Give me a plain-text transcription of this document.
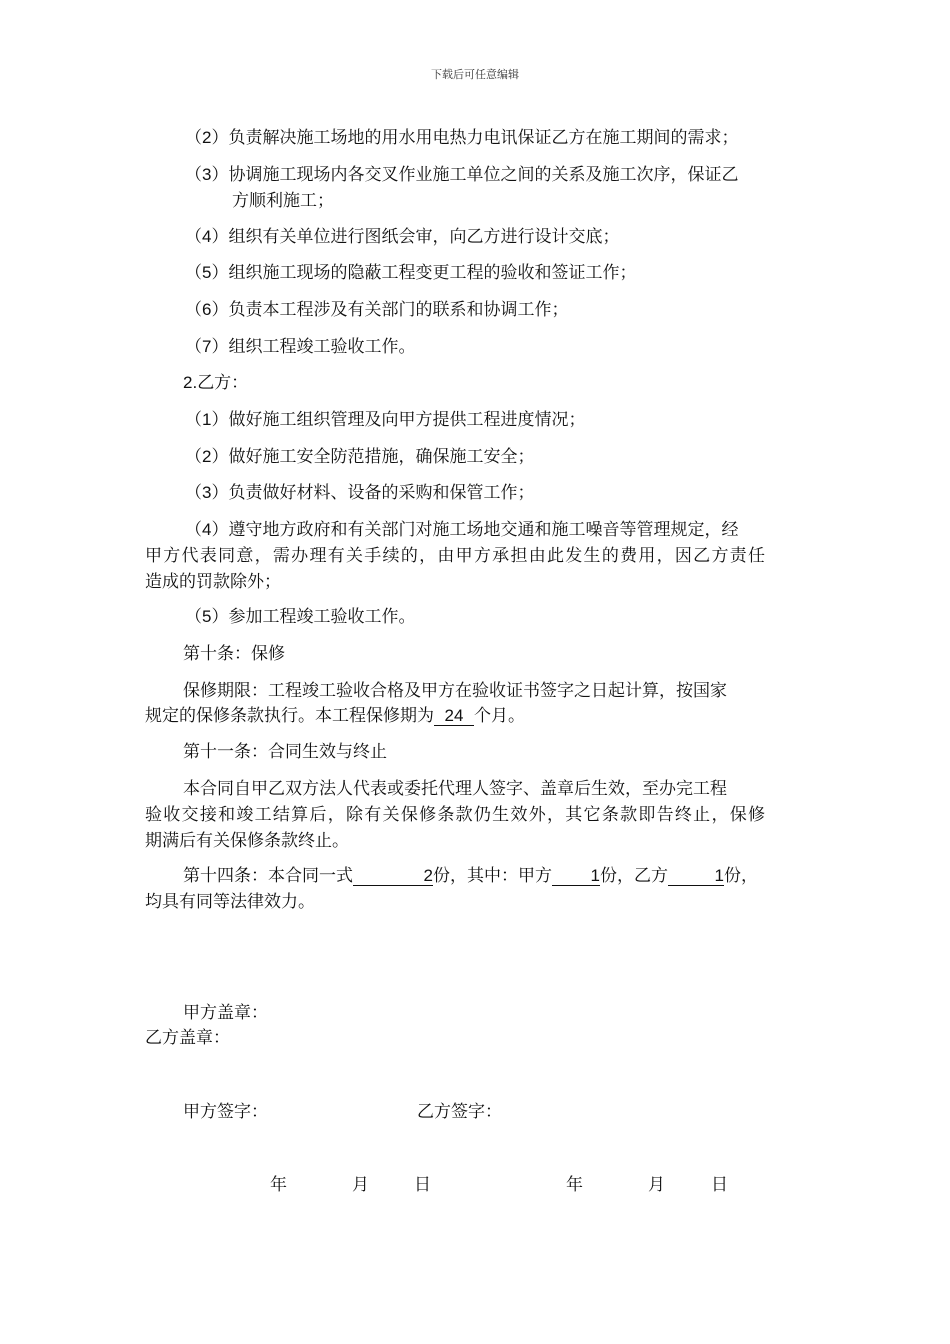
下载后可任意编辑
（2）负责解决施工场地的用水用电热力电讯保证乙方在施工期间的需求；
（3）协调施工现场内各交叉作业施工单位之间的关系及施工次序，保证乙
方顺利施工；
（4）组织有关单位进行图纸会审，向乙方进行设计交底；
（5）组织施工现场的隐蔽工程变更工程的验收和签证工作；
（6）负责本工程涉及有关部门的联系和协调工作；
（7）组织工程竣工验收工作。
2.乙方：
（1）做好施工组织管理及向甲方提供工程进度情况；
（2）做好施工安全防范措施，确保施工安全；
（3）负责做好材料、设备的采购和保管工作；
（4）遵守地方政府和有关部门对施工场地交通和施工噪音等管理规定，经
甲方代表同意，需办理有关手续的，由甲方承担由此发生的费用，因乙方责任
造成的罚款除外；
（5）参加工程竣工验收工作。
第十条：保修
保修期限：工程竣工验收合格及甲方在验收证书签字之日起计算，按国家
规定的保修条款执行。本工程保修期为 24 个月。
第十一条：合同生效与终止
本合同自甲乙双方法人代表或委托代理人签字、盖章后生效，至办完工程
验收交接和竣工结算后，除有关保修条款仍生效外，其它条款即告终止，保修
期满后有关保修条款终止。
第十四条：本合同一式	2份，其中：甲方 1份，乙方	1份，
均具有同等法律效力。
甲方盖章：
乙方盖章：
甲方签字：	乙方签字：
年	月	日	年	月	日
